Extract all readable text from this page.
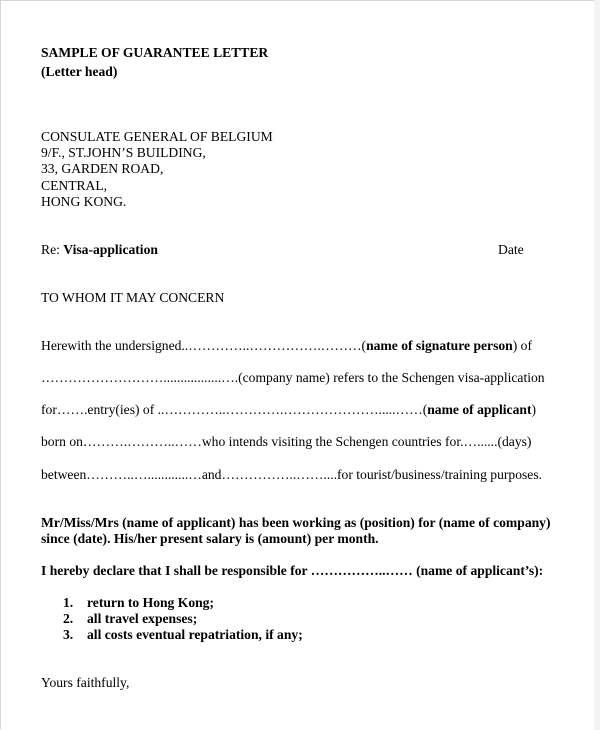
SAMPLE OF GUARANTEE LETTER
(Letter head)
CONSULATE GENERAL OF BELGIUM
9/F., ST.JOHN’S BUILDING,
33, GARDEN ROAD,
CENTRAL,
HONG KONG.
Re: Visa-application	Date
TO WHOM IT MAY CONCERN
Herewith the undersigned..…………..…………….………(name of signature person) of
……………………….................….(company name) refers to the Schengen visa-application
for…….entry(ies) of ..…………..………….………………….....……(name of applicant)
born on……….………..……who intends visiting the Schengen countries for.…......(days)
between………..…............…and……………..……....for tourist/business/training purposes.
Mr/Miss/Mrs (name of applicant) has been working as (position) for (name of company) since (date). His/her present salary is (amount) per month.
I hereby declare that I shall be responsible for ……………..…… (name of applicant’s):
1. return to Hong Kong;
2. all travel expenses;
3. all costs eventual repatriation, if any;
Yours faithfully,
